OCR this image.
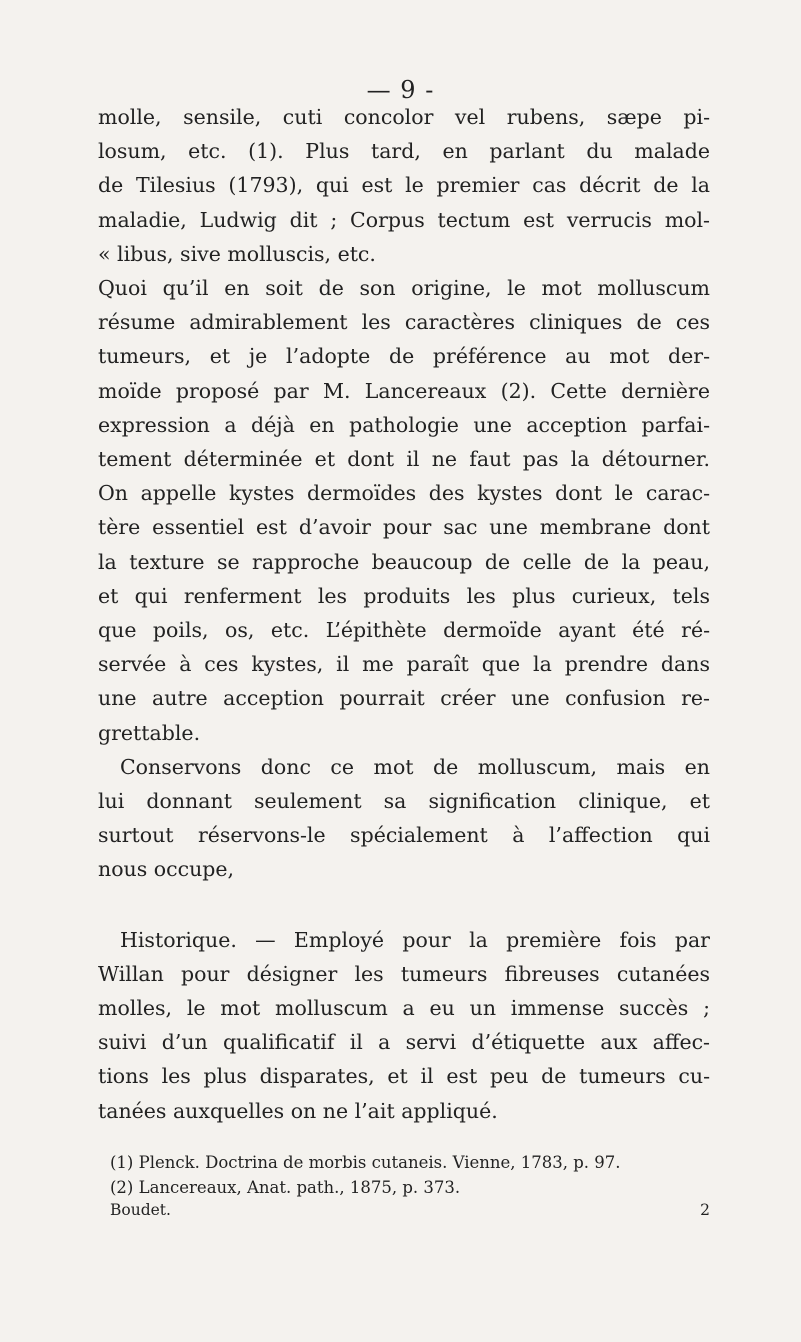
— 9 -
molle, sensile, cuti concolor vel rubens, sæpe pi-
losum, etc. (1). Plus tard, en parlant du malade
de Tilesius (1793), qui est le premier cas décrit de la
maladie, Ludwig dit ; Corpus tectum est verrucis mol-
« libus, sive molluscis, etc.
Quoi qu’il en soit de son origine, le mot molluscum
résume admirablement les caractères cliniques de ces
tumeurs, et je l’adopte de préférence au mot der-
moïde proposé par M. Lancereaux (2). Cette dernière
expression a déjà en pathologie une acception parfai-
tement déterminée et dont il ne faut pas la détourner.
On appelle kystes dermoïdes des kystes dont le carac-
tère essentiel est d’avoir pour sac une membrane dont
la texture se rapproche beaucoup de celle de la peau,
et qui renferment les produits les plus curieux, tels
que poils, os, etc. L’épithète dermoïde ayant été ré-
servée à ces kystes, il me paraît que la prendre dans
une autre acception pourrait créer une confusion re-
grettable.
Conservons donc ce mot de molluscum, mais en
lui donnant seulement sa signification clinique, et
surtout réservons-le spécialement à l’affection qui
nous occupe,
Historique. — Employé pour la première fois par
Willan pour désigner les tumeurs fibreuses cutanées
molles, le mot molluscum a eu un immense succès ;
suivi d’un qualificatif il a servi d’étiquette aux affec-
tions les plus disparates, et il est peu de tumeurs cu-
tanées auxquelles on ne l’ait appliqué.
(1) Plenck. Doctrina de morbis cutaneis. Vienne, 1783, p. 97.
(2) Lancereaux, Anat. path., 1875, p. 373.
Boudet.	2
